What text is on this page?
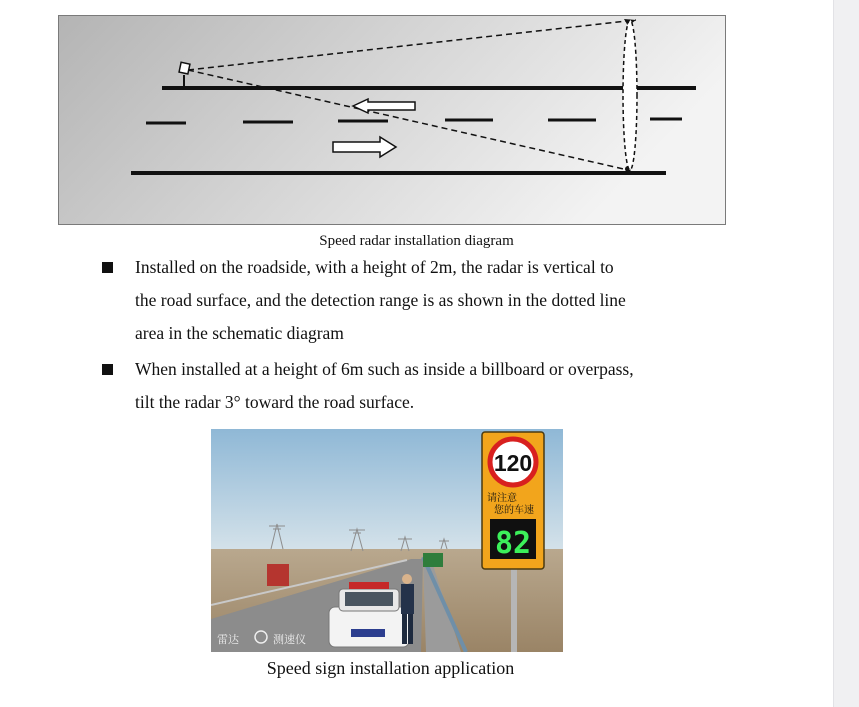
Speed radar installation diagram
Installed on the roadside, with a height of 2m, the radar is vertical to
the road surface, and the detection range is as shown in the dotted line
area in the schematic diagram
When installed at a height of 6m such as inside a billboard or overpass,
tilt the radar 3° toward the road surface.
120
请注意
您的车速
82
雷达	测速仪
Speed sign installation application
